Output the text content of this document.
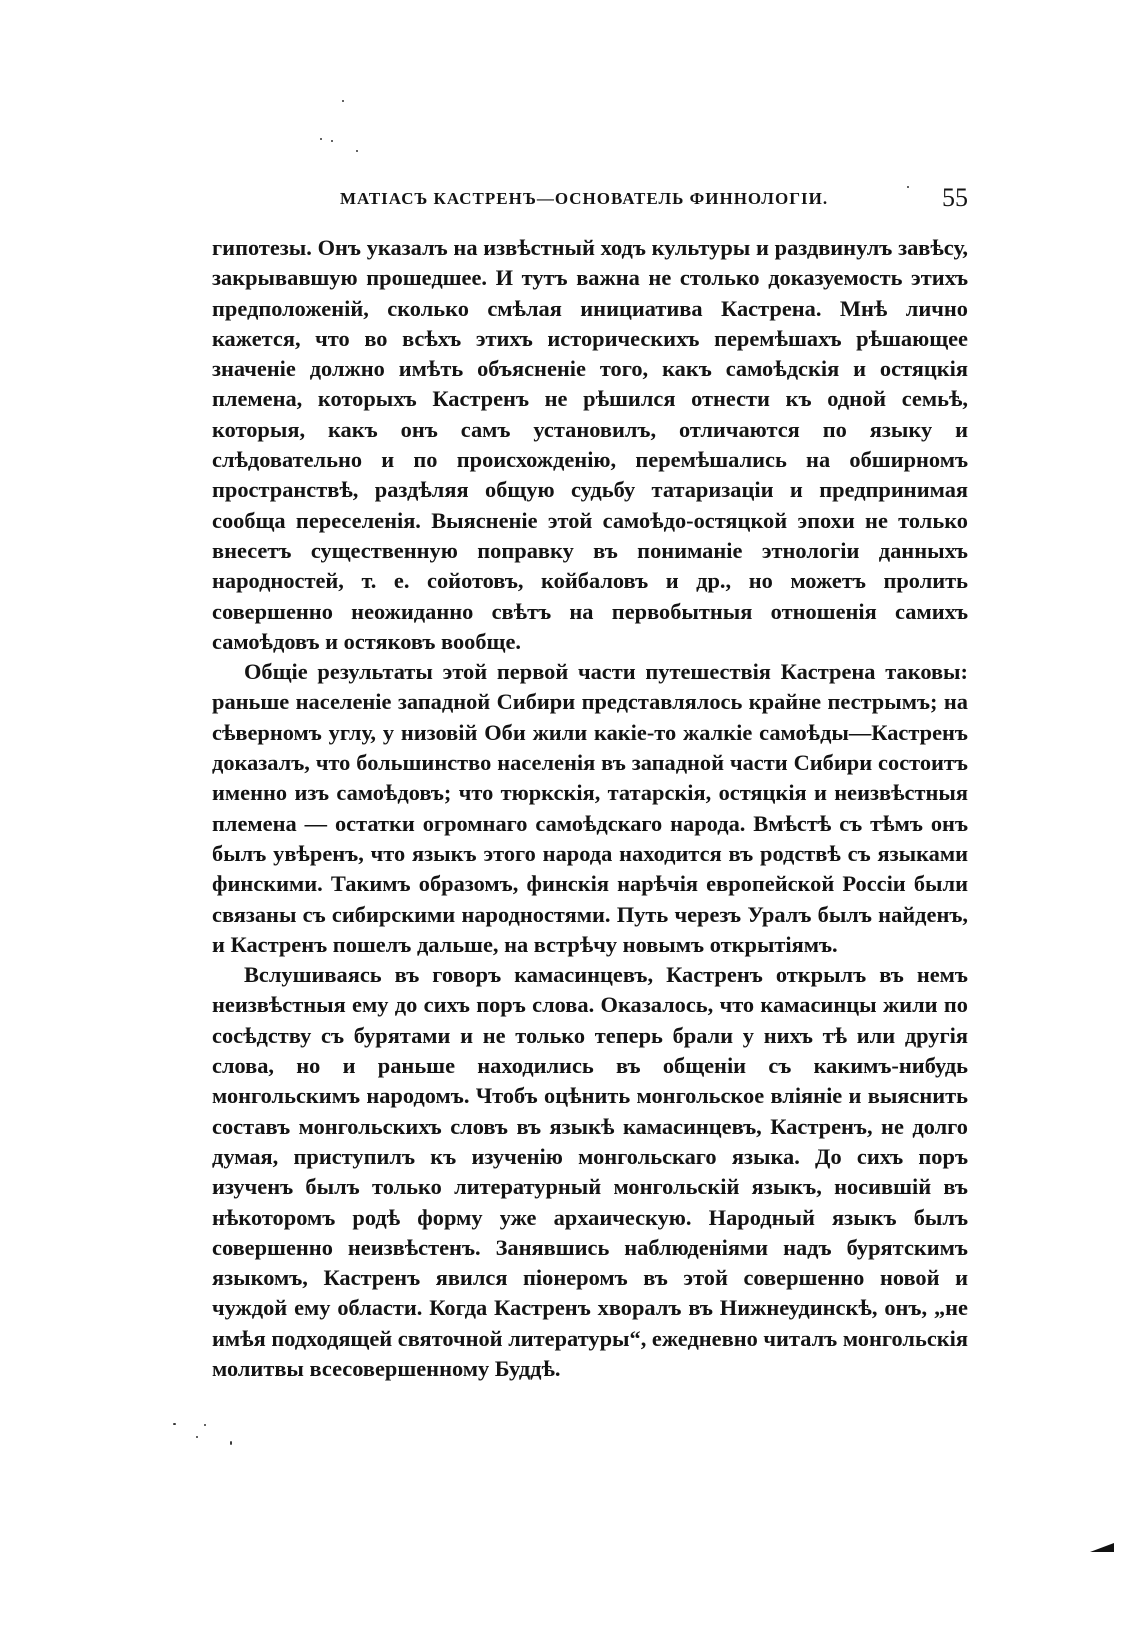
МАТIАСЪ КАСТРЕНЪ—ОСНОВАТЕЛЬ ФИННОЛОГIИ.	55

гипотезы. Онъ указалъ на извѣстный ходъ культуры и раздвинулъ завѣсу, закрывавшую прошедшее. И тутъ важна не столько доказуемость этихъ предположенiй, сколько смѣлая инициатива Кастрена. Мнѣ лично кажется, что во всѣхъ этихъ историческихъ перемѣшахъ рѣшающее значенiе должно имѣть объясненiе того, какъ самоѣдскiя и остяцкiя племена, которыхъ Кастренъ не рѣшился отнести къ одной семьѣ, которыя, какъ онъ самъ установилъ, отличаются по языку и слѣдовательно и по происхожденiю, перемѣшались на обширномъ пространствѣ, раздѣляя общую судьбу татаризацiи и предпринимая сообща переселенiя. Выясненiе этой самоѣдо-остяцкой эпохи не только внесетъ существенную поправку въ пониманiе этнологiи данныхъ народностей, т. е. сойотовъ, койбаловъ и др., но можетъ пролить совершенно неожиданно свѣтъ на первобытныя отношенiя самихъ самоѣдовъ и остяковъ вообще.

Общiе результаты этой первой части путешествiя Кастрена таковы: раньше населенiе западной Сибири представлялось крайне пестрымъ; на сѣверномъ углу, у низовiй Оби жили какiе-то жалкiе самоѣды—Кастренъ доказалъ, что большинство населенiя въ западной части Сибири состоитъ именно изъ самоѣдовъ; что тюркскiя, татарскiя, остяцкiя и неизвѣстныя племена — остатки огромнаго самоѣдскаго народа. Вмѣстѣ съ тѣмъ онъ былъ увѣренъ, что языкъ этого народа находится въ родствѣ съ языками финскими. Такимъ образомъ, финскiя нарѣчiя европейской Россiи были связаны съ сибирскими народностями. Путь черезъ Уралъ былъ найденъ, и Кастренъ пошелъ дальше, на встрѣчу новымъ открытiямъ.

Вслушиваясь въ говоръ камасинцевъ, Кастренъ открылъ въ немъ неизвѣстныя ему до сихъ поръ слова. Оказалось, что камасинцы жили по сосѣдству съ бурятами и не только теперь брали у нихъ тѣ или другiя слова, но и раньше находились въ общенiи съ какимъ-нибудь монгольскимъ народомъ. Чтобъ оцѣнить монгольское влiянiе и выяснить составъ монгольскихъ словъ въ языкѣ камасинцевъ, Кастренъ, не долго думая, приступилъ къ изученiю монгольскаго языка. До сихъ поръ изученъ былъ только литературный монгольскiй языкъ, носившiй въ нѣкоторомъ родѣ форму уже архаическую. Народный языкъ былъ совершенно неизвѣстенъ. Занявшись наблюденiями надъ бурятскимъ языкомъ, Кастренъ явился пiонеромъ въ этой совершенно новой и чуждой ему области. Когда Кастренъ хворалъ въ Нижнеудинскѣ, онъ, „не имѣя подходящей святочной литературы“, ежедневно читалъ монгольскiя молитвы всесовершенному Буддѣ.
